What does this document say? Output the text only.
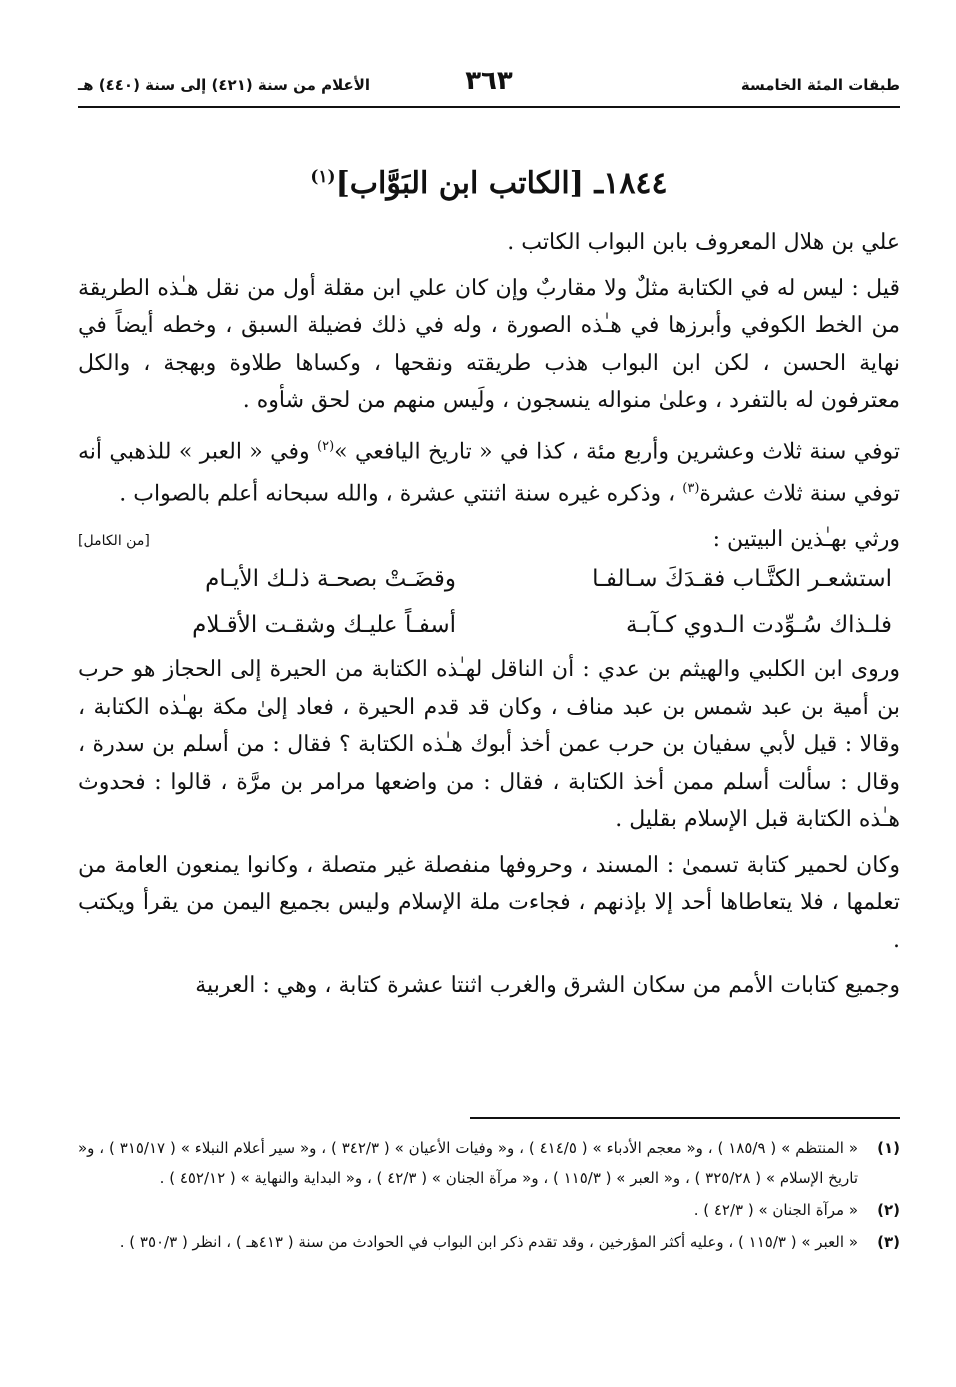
طبقات المئة الخامسة
٣٦٣
الأعلام من سنة (٤٢١) إلى سنة (٤٤٠) هـ
١٨٤٤ـ [الكاتب ابن البَوَّاب]$^{(١)}$

علي بن هلال المعروف بابن البواب الكاتب .

قيل : ليس له في الكتابة مثلٌ ولا مقاربٌ وإن كان علي ابن مقلة أول من نقل هـٰذه الطريقة من الخط الكوفي وأبرزها في هـٰذه الصورة ، وله في ذلك فضيلة السبق ، وخطه أيضاً في نهاية الحسن ، لكن ابن البواب هذب طريقته ونقحها ، وكساها طلاوة وبهجة ، والكل معترفون له بالتفرد ، وعلىٰ منواله ينسجون ، ولَيس منهم من لحق شأوه .

توفي سنة ثلاث وعشرين وأربع مئة ، كذا في « تاريخ اليافعي »$^{(٢)}$ وفي « العبر » للذهبي أنه توفي سنة ثلاث عشرة$^{(٣)}$ ، وذكره غيره سنة اثنتي عشرة ، والله سبحانه أعلم بالصواب .

ورثي بهـٰذين البيتين :
[من الكامل]
استشعـر الكتَّـاب فقـدَكَ سـالفـا
وقضَـتْ بصحـة ذلـك الأيـام
فلـذاك سُـوِّدت الـدوي كـآبـة
أسفـاً عليـك وشقـت الأقـلام

وروى ابن الكلبي والهيثم بن عدي : أن الناقل لهـٰذه الكتابة من الحيرة إلى الحجاز هو حرب بن أمية بن عبد شمس بن عبد مناف ، وكان قد قدم الحيرة ، فعاد إلىٰ مكة بهـٰذه الكتابة ، وقالا : قيل لأبي سفيان بن حرب عمن أخذ أبوك هـٰذه الكتابة ؟ فقال : من أسلم بن سدرة ، وقال : سألت أسلم ممن أخذ الكتابة ، فقال : من واضعها مرامر بن مرَّة ، قالوا : فحدوث هـٰذه الكتابة قبل الإسلام بقليل .

وكان لحمير كتابة تسمىٰ : المسند ، وحروفها منفصلة غير متصلة ، وكانوا يمنعون العامة من تعلمها ، فلا يتعاطاها أحد إلا بإذنهم ، فجاءت ملة الإسلام وليس بجميع اليمن من يقرأ ويكتب .

وجميع كتابات الأمم من سكان الشرق والغرب اثنتا عشرة كتابة ، وهي : العربية

(١)
« المنتظم » ( ١٨٥/٩ ) ، و« معجم الأدباء » ( ٤١٤/٥ ) ، و« وفيات الأعيان » ( ٣٤٢/٣ ) ، و« سير أعلام النبلاء » ( ٣١٥/١٧ ) ، و« تاريخ الإسلام » ( ٣٢٥/٢٨ ) ، و« العبر » ( ١١٥/٣ ) ، و« مرآة الجنان » ( ٤٢/٣ ) ، و« البداية والنهاية » ( ٤٥٢/١٢ ) .
(٢)
« مرآة الجنان » ( ٤٢/٣ ) .
(٣)
« العبر » ( ١١٥/٣ ) ، وعليه أكثر المؤرخين ، وقد تقدم ذكر ابن البواب في الحوادث من سنة ( ٤١٣هـ ) ، انظر ( ٣٥٠/٣ ) .
